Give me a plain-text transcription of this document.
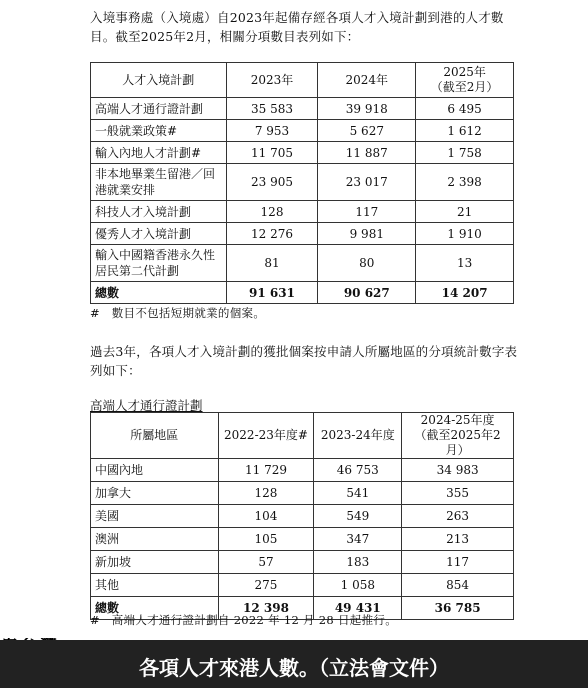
入境事務處（入境處）自2023年起備存經各項人才入境計劃到港的人才數目。截至2025年2月，相關分項數目表列如下：
人才入境計劃	2023年	2024年	2025年
（截至2月）
高端人才通行證計劃	35 583	39 918	6 495
一般就業政策#	7 953	5 627	1 612
輸入內地人才計劃#	11 705	11 887	1 758
非本地畢業生留港／回港就業安排	23 905	23 017	2 398
科技人才入境計劃	128	117	21
優秀人才入境計劃	12 276	9 981	1 910
輸入中國籍香港永久性居民第二代計劃	81	80	13
總數	91 631	90 627	14 207
#　數目不包括短期就業的個案。
過去3年，各項人才入境計劃的獲批個案按申請人所屬地區的分項統計數字表列如下：
高端人才通行證計劃
所屬地區	2022-23年度#	2023-24年度	2024-25年度
（截至2025年2月）
中國內地	11 729	46 753	34 983
加拿大	128	541	355
美國	104	549	263
澳洲	105	347	213
新加坡	57	183	117
其他	275	1 058	854
總數	12 398	49 431	36 785
#　高端人才通行證計劃自 2022 年 12 月 28 日起推行。
各項人才來港人數。（立法會文件）
